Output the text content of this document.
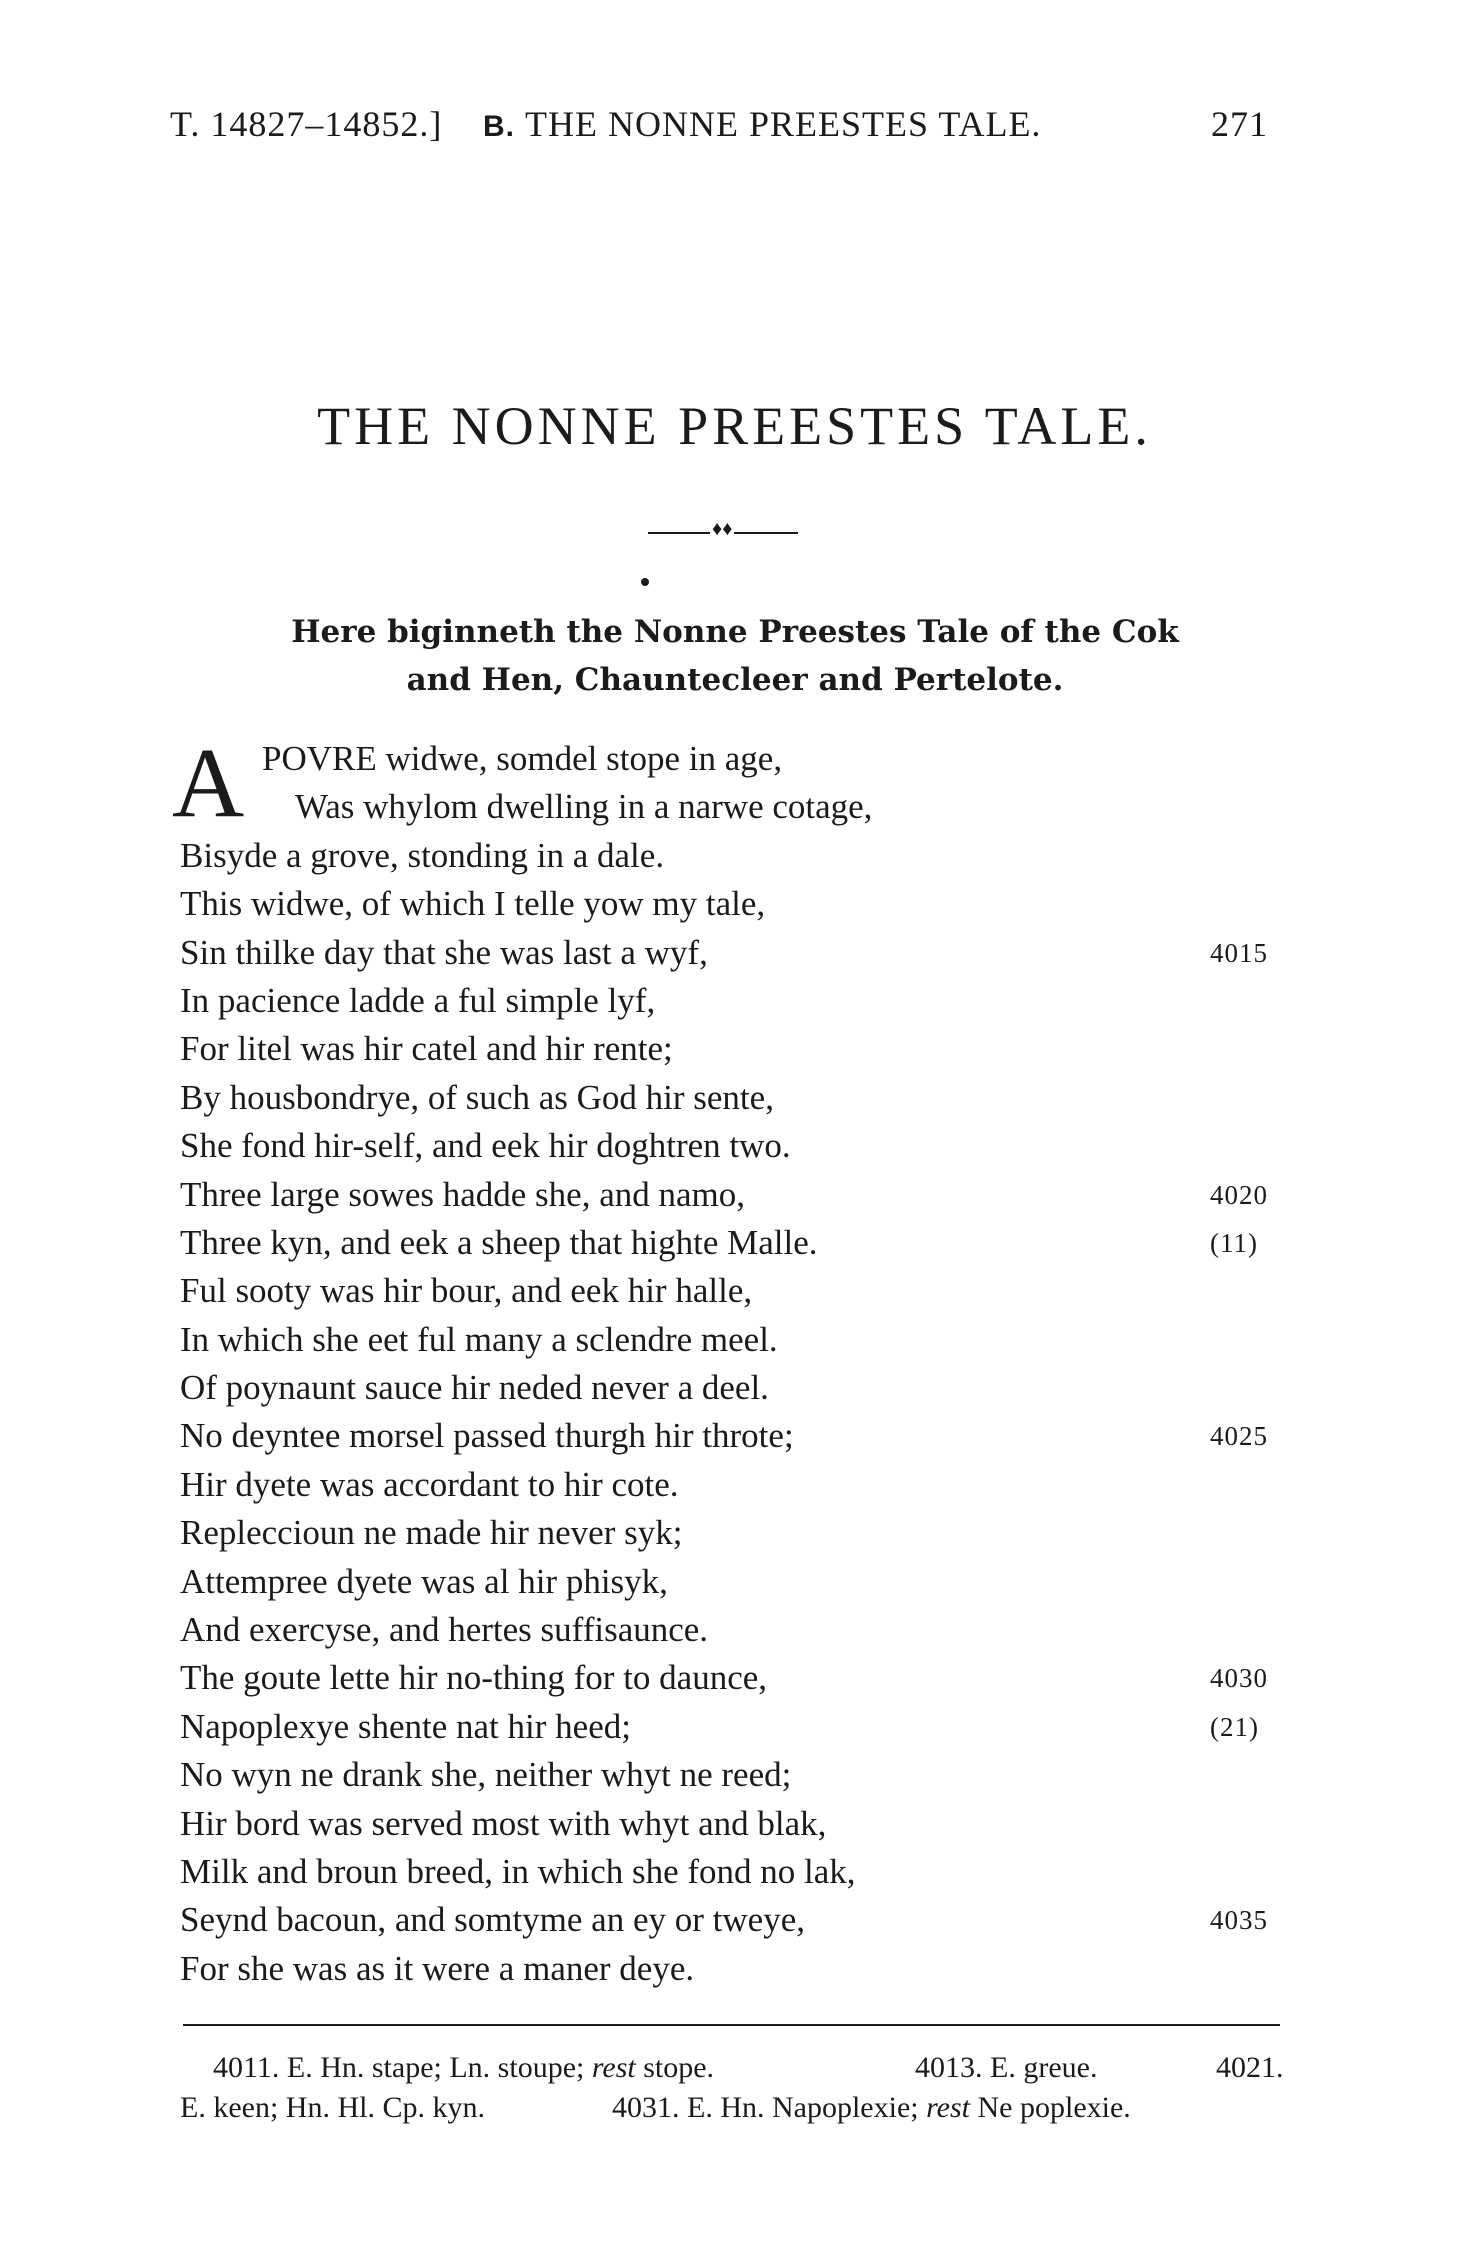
T. 14827–14852.] B. THE NONNE PREESTES TALE.	271
THE NONNE PREESTES TALE.
♦♦
Here biginneth the Nonne Preestes Tale of the Cok
and Hen, Chauntecleer and Pertelote.
A POVRE widwe, somdel stope in age,
Was whylom dwelling in a narwe cotage,
Bisyde a grove, stonding in a dale.
This widwe, of which I telle yow my tale,
Sin thilke day that she was last a wyf,	4015
In pacience ladde a ful simple lyf,
For litel was hir catel and hir rente;
By housbondrye, of such as God hir sente,
She fond hir-self, and eek hir doghtren two.
Three large sowes hadde she, and namo,	4020
Three kyn, and eek a sheep that highte Malle.	(11)
Ful sooty was hir bour, and eek hir halle,
In which she eet ful many a sclendre meel.
Of poynaunt sauce hir neded never a deel.
No deyntee morsel passed thurgh hir throte;	4025
Hir dyete was accordant to hir cote.
Repleccioun ne made hir never syk;
Attempree dyete was al hir phisyk,
And exercyse, and hertes suffisaunce.
The goute lette hir no-thing for to daunce,	4030
Napoplexye shente nat hir heed;	(21)
No wyn ne drank she, neither whyt ne reed;
Hir bord was served most with whyt and blak,
Milk and broun breed, in which she fond no lak,
Seynd bacoun, and somtyme an ey or tweye,	4035
For she was as it were a maner deye.
4011. E. Hn. stape; Ln. stoupe; rest stope.	4013. E. greue.	4021.
E. keen; Hn. Hl. Cp. kyn.	4031. E. Hn. Napoplexie; rest Ne poplexie.
